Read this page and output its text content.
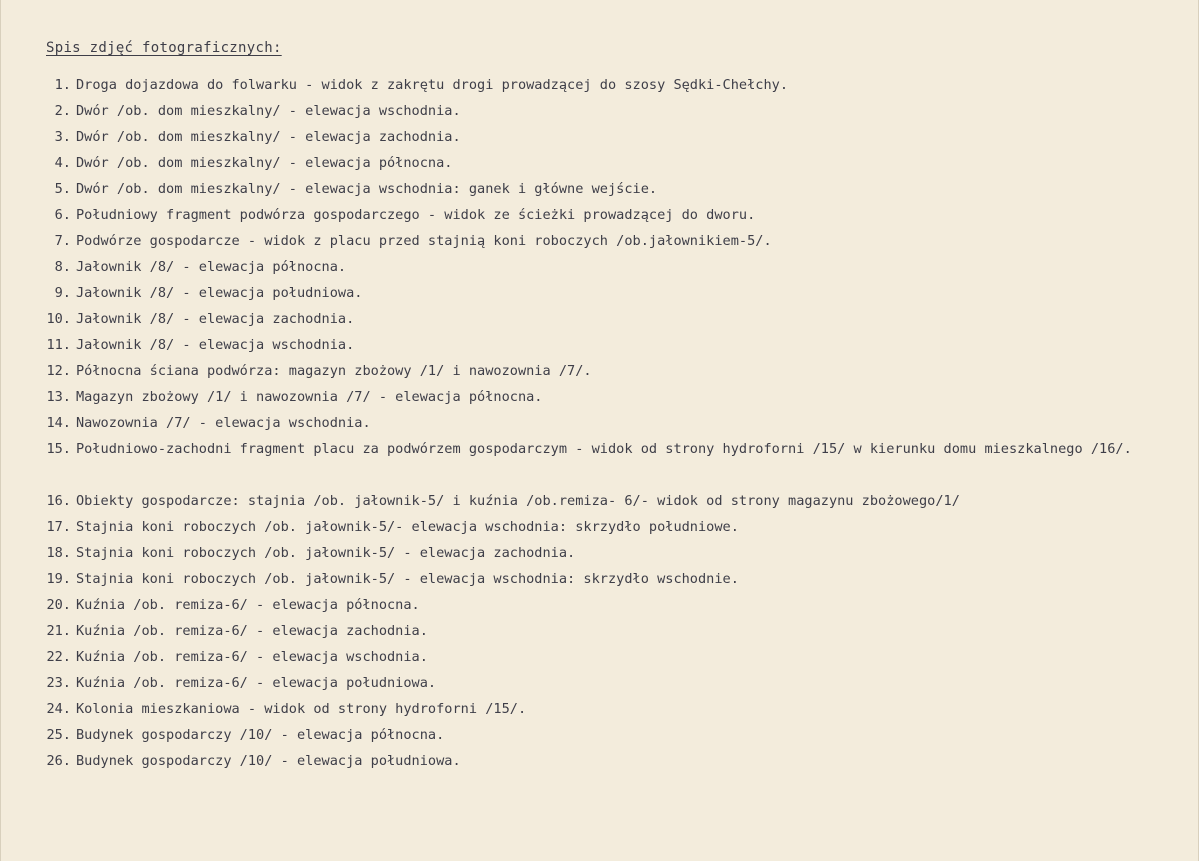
Spis zdjęć fotograficznych:
1. Droga dojazdowa do folwarku - widok z zakrętu drogi prowadzącej do szosy Sędki-Chełchy.
2. Dwór /ob. dom mieszkalny/ - elewacja wschodnia.
3. Dwór /ob. dom mieszkalny/ - elewacja zachodnia.
4. Dwór /ob. dom mieszkalny/ - elewacja północna.
5. Dwór /ob. dom mieszkalny/ - elewacja wschodnia: ganek i główne wejście.
6. Południowy fragment podwórza gospodarczego - widok ze ścieżki prowadzącej do dworu.
7. Podwórze gospodarcze - widok z placu przed stajnią koni roboczych /ob.jałownikiem-5/.
8. Jałownik /8/ - elewacja północna.
9. Jałownik /8/ - elewacja południowa.
10. Jałownik /8/ - elewacja zachodnia.
11. Jałownik /8/ - elewacja wschodnia.
12. Północna ściana podwórza: magazyn zbożowy /1/ i nawozownia /7/.
13. Magazyn zbożowy /1/ i nawozownia /7/ - elewacja północna.
14. Nawozownia /7/ - elewacja wschodnia.
15. Południowo-zachodni fragment placu za podwórzem gospodarczym - widok od strony hydroforni /15/ w kierunku domu mieszkalnego /16/.
16. Obiekty gospodarcze: stajnia /ob. jałownik-5/ i kuźnia /ob.remiza- 6/- widok od strony magazynu zbożowego/1/
17. Stajnia koni roboczych /ob. jałownik-5/- elewacja wschodnia: skrzydło południowe.
18. Stajnia koni roboczych /ob. jałownik-5/ - elewacja zachodnia.
19. Stajnia koni roboczych /ob. jałownik-5/ - elewacja wschodnia: skrzydło wschodnie.
20. Kuźnia /ob. remiza-6/ - elewacja północna.
21. Kuźnia /ob. remiza-6/ - elewacja zachodnia.
22. Kuźnia /ob. remiza-6/ - elewacja wschodnia.
23. Kuźnia /ob. remiza-6/ - elewacja południowa.
24. Kolonia mieszkaniowa - widok od strony hydroforni /15/.
25. Budynek gospodarczy /10/ - elewacja północna.
26. Budynek gospodarczy /10/ - elewacja południowa.
